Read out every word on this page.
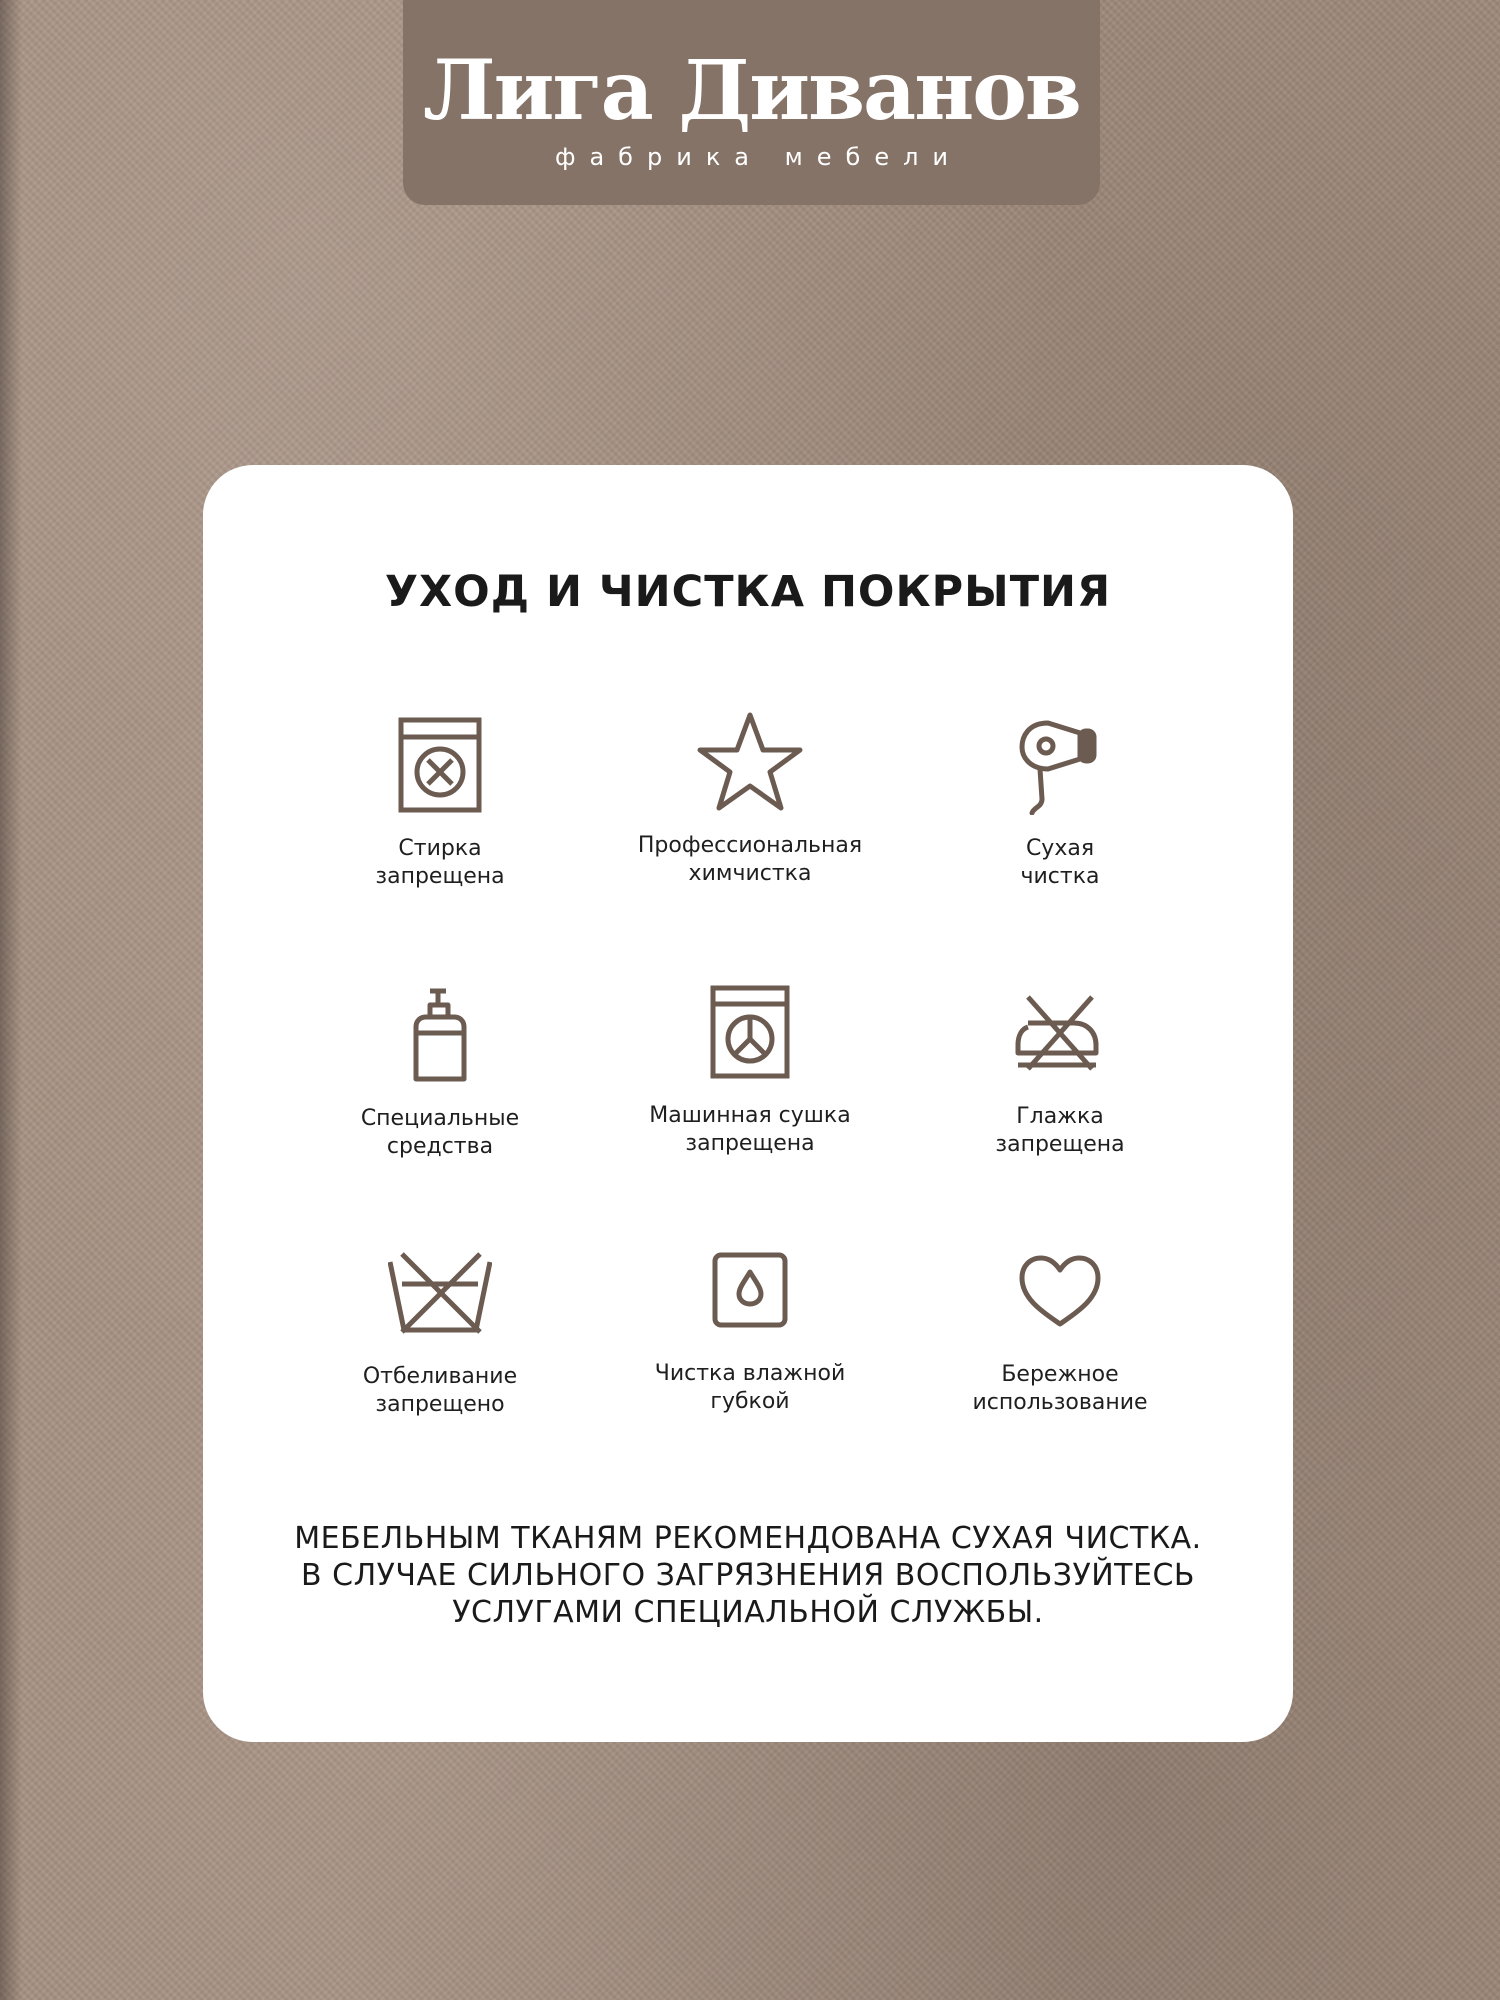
Лига Диванов
фабрика мебели
УХОД И ЧИСТКА ПОКРЫТИЯ
Стирка
запрещена
Профессиональная
химчистка
Сухая
чистка
Специальные
средства
Машинная сушка
запрещена
Глажка
запрещена
Отбеливание
запрещено
Чистка влажной
губкой
Бережное
использование
МЕБЕЛЬНЫМ ТКАНЯМ РЕКОМЕНДОВАНА СУХАЯ ЧИСТКА.
В СЛУЧАЕ СИЛЬНОГО ЗАГРЯЗНЕНИЯ ВОСПОЛЬЗУЙТЕСЬ
УСЛУГАМИ СПЕЦИАЛЬНОЙ СЛУЖБЫ.
